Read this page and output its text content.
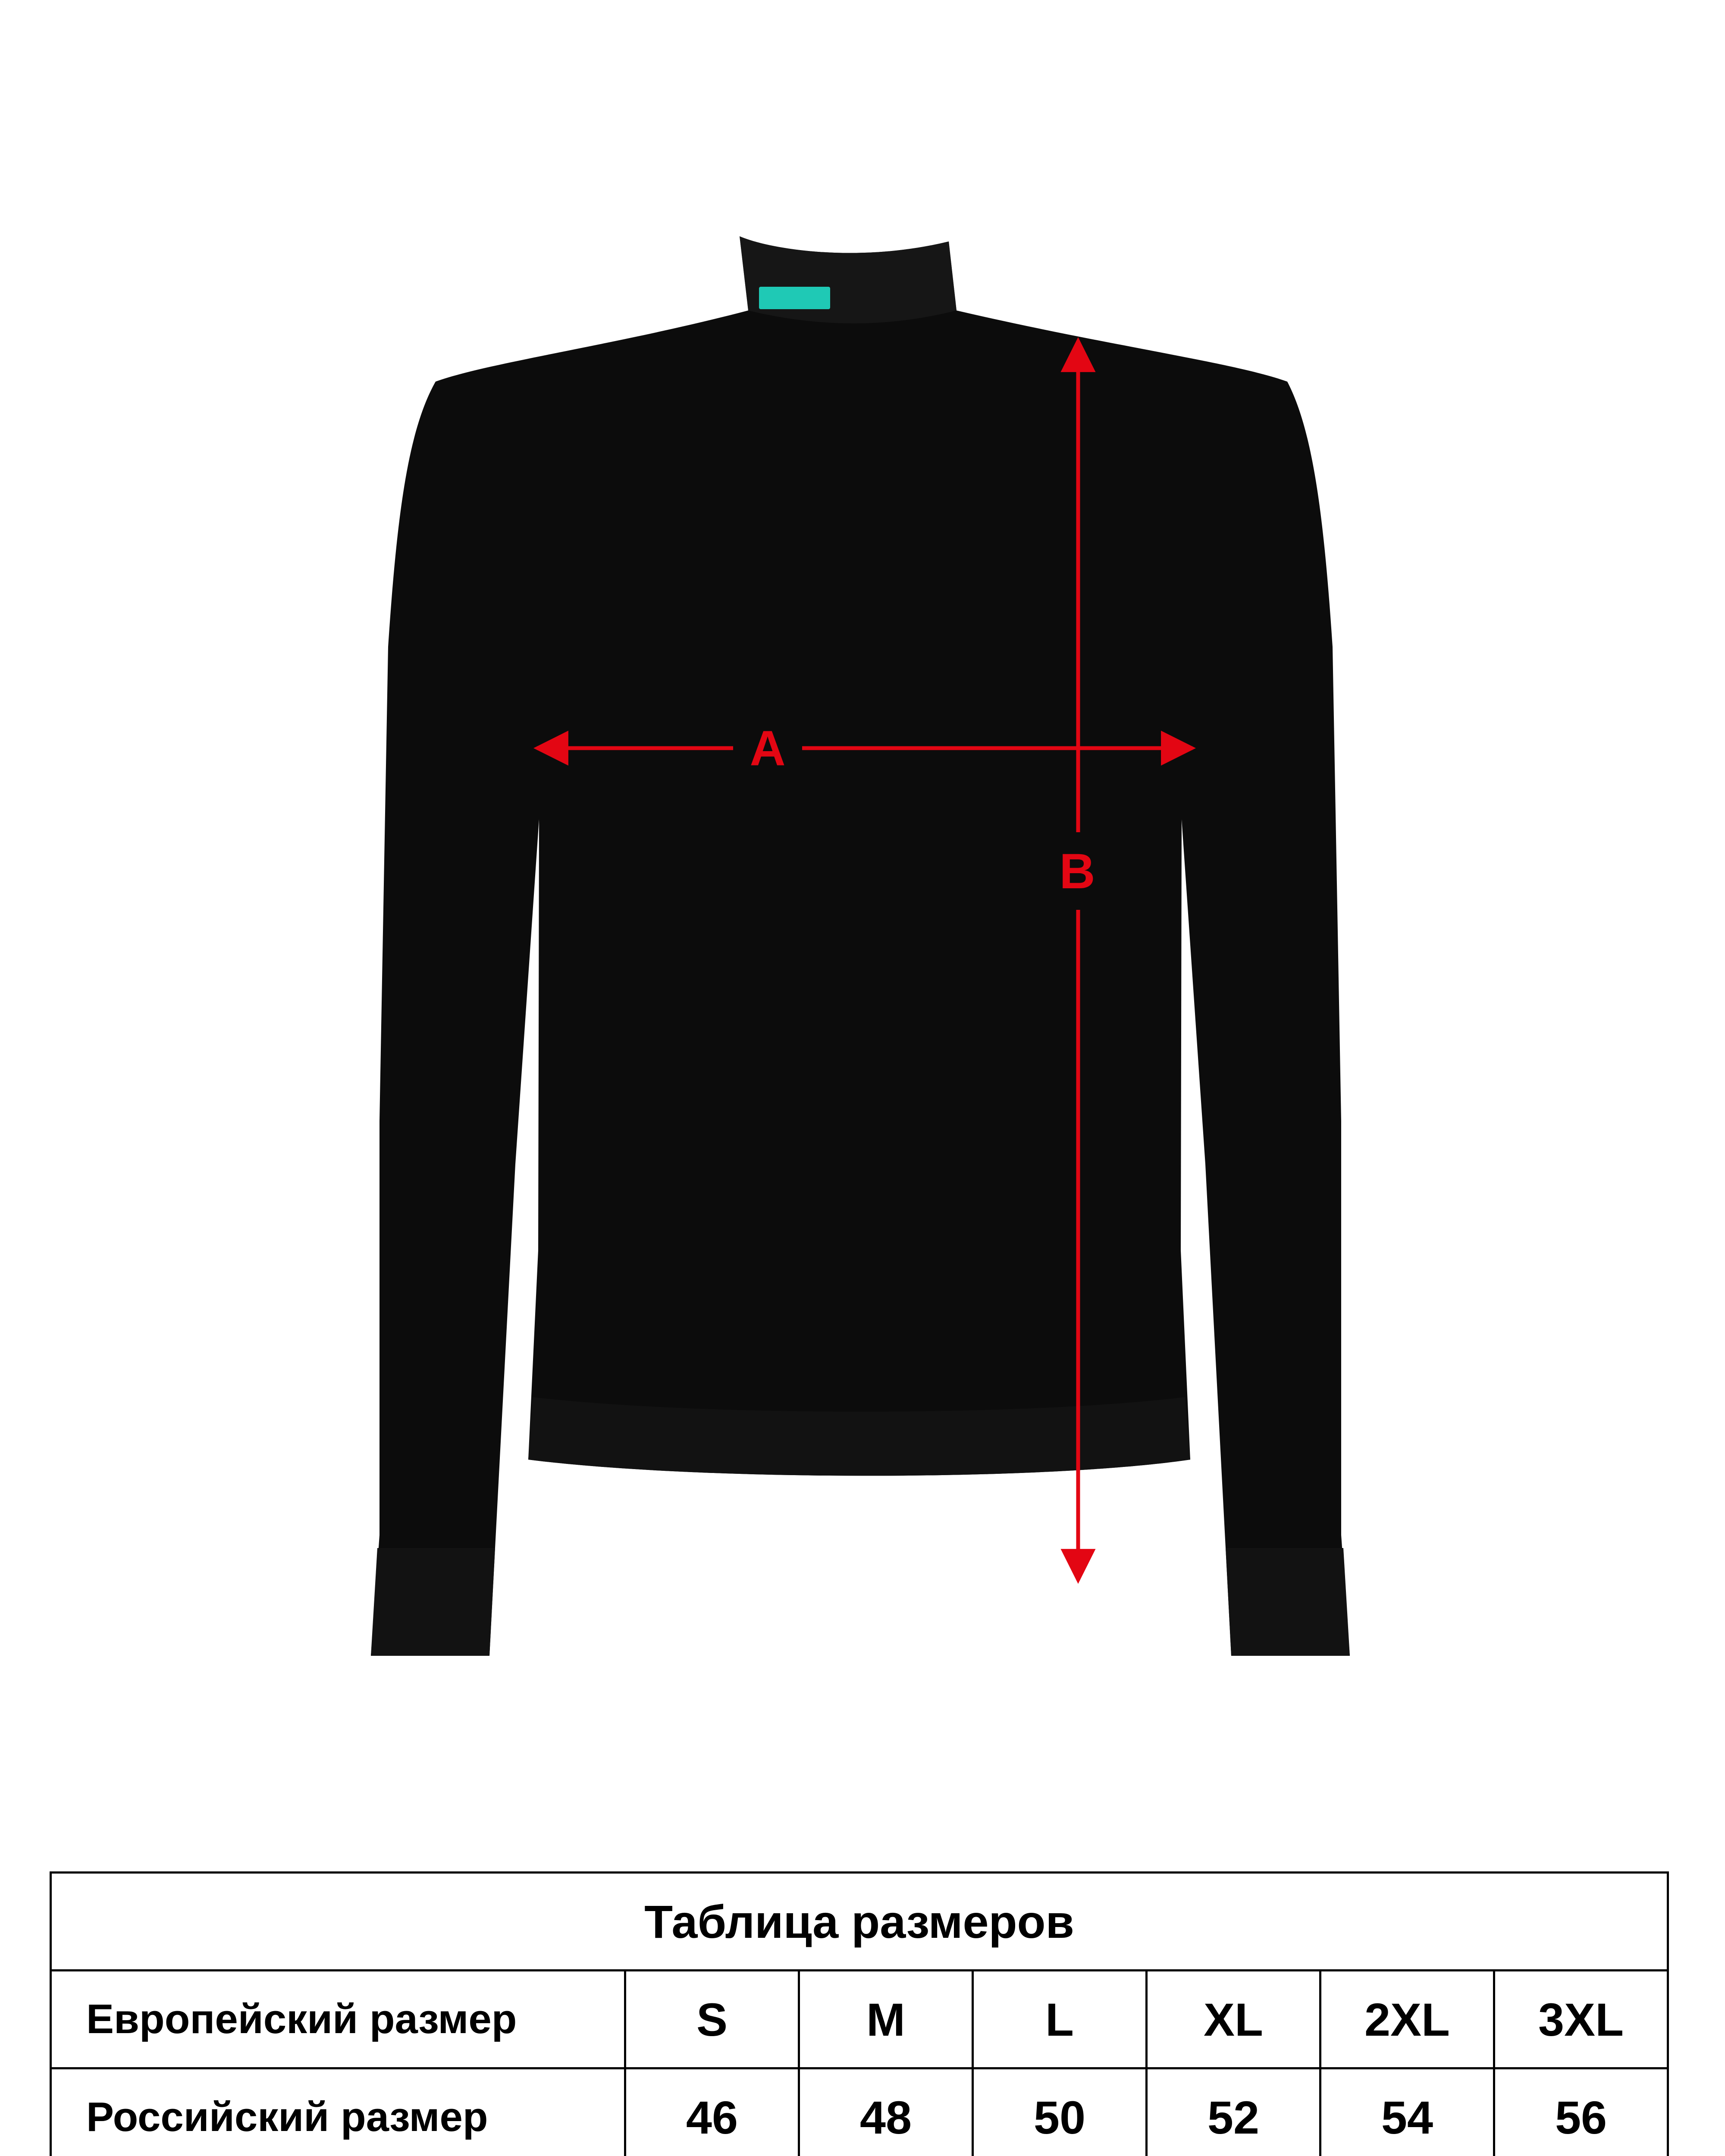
A
B
Таблица размеров						
Европейский размер	S	M	L	XL	2XL	3XL
Российский размер	46	48	50	52	54	56
